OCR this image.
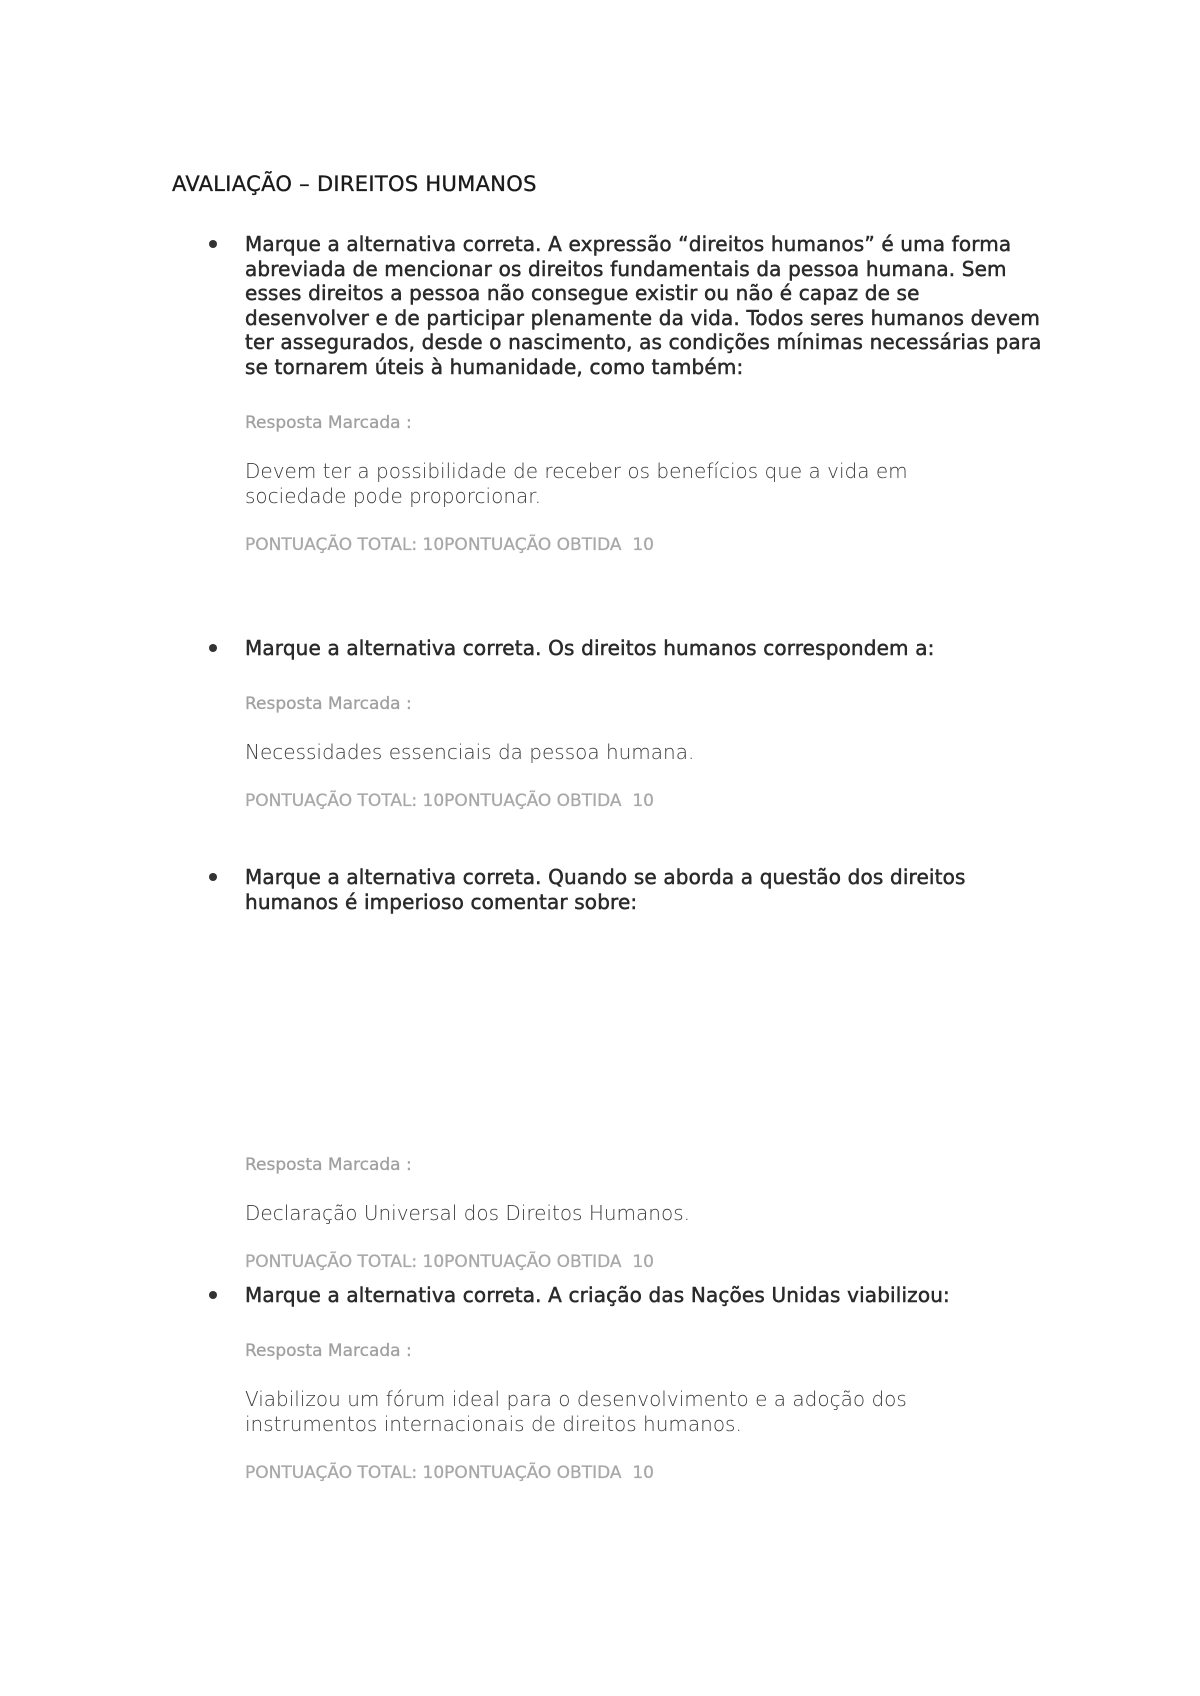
AVALIAÇÃO – DIREITOS HUMANOS
Marque a alternativa correta. A expressão “direitos humanos” é uma forma abreviada de mencionar os direitos fundamentais da pessoa humana. Sem esses direitos a pessoa não consegue existir ou não é capaz de se desenvolver e de participar plenamente da vida. Todos seres humanos devem ter assegurados, desde o nascimento, as condições mínimas necessárias para se tornarem úteis à humanidade, como também:
Resposta Marcada :
Devem ter a possibilidade de receber os benefícios que a vida em sociedade pode proporcionar.
PONTUAÇÃO TOTAL: 10PONTUAÇÃO OBTIDA  10
Marque a alternativa correta. Os direitos humanos correspondem a:
Resposta Marcada :
Necessidades essenciais da pessoa humana.
PONTUAÇÃO TOTAL: 10PONTUAÇÃO OBTIDA  10
Marque a alternativa correta. Quando se aborda a questão dos direitos humanos é imperioso comentar sobre:
Resposta Marcada :
Declaração Universal dos Direitos Humanos.
PONTUAÇÃO TOTAL: 10PONTUAÇÃO OBTIDA  10
Marque a alternativa correta. A criação das Nações Unidas viabilizou:
Resposta Marcada :
Viabilizou um fórum ideal para o desenvolvimento e a adoção dos instrumentos internacionais de direitos humanos.
PONTUAÇÃO TOTAL: 10PONTUAÇÃO OBTIDA  10
